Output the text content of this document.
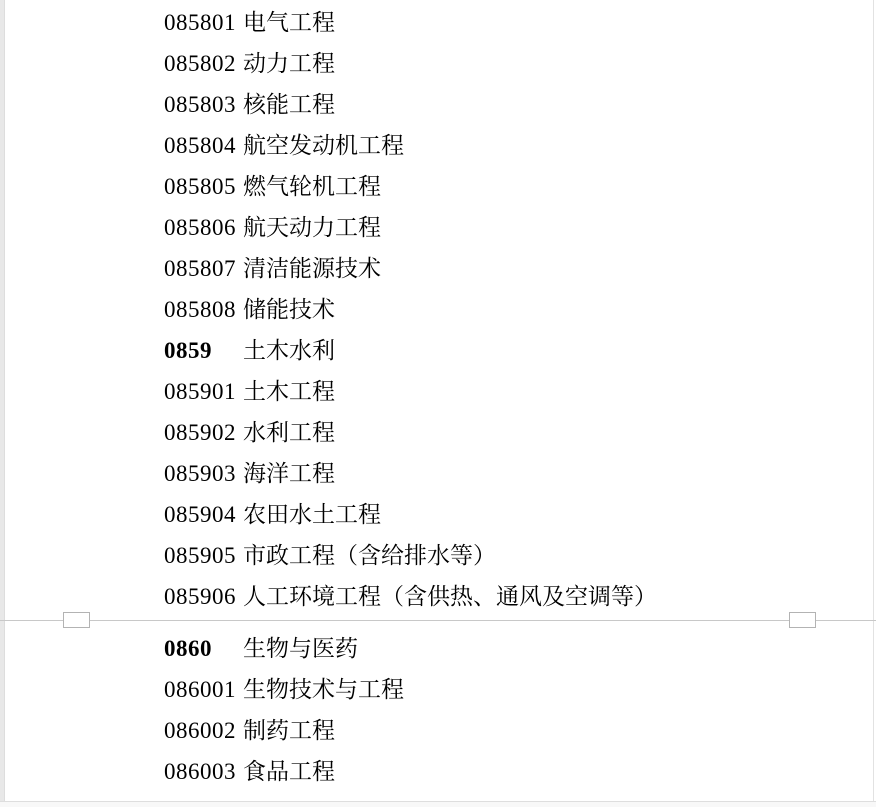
085801 电气工程
085802 动力工程
085803 核能工程
085804 航空发动机工程
085805 燃气轮机工程
085806 航天动力工程
085807 清洁能源技术
085808 储能技术
0859 土木水利
085901 土木工程
085902 水利工程
085903 海洋工程
085904 农田水土工程
085905 市政工程（含给排水等）
085906 人工环境工程（含供热、通风及空调等）
0860 生物与医药
086001 生物技术与工程
086002 制药工程
086003 食品工程
